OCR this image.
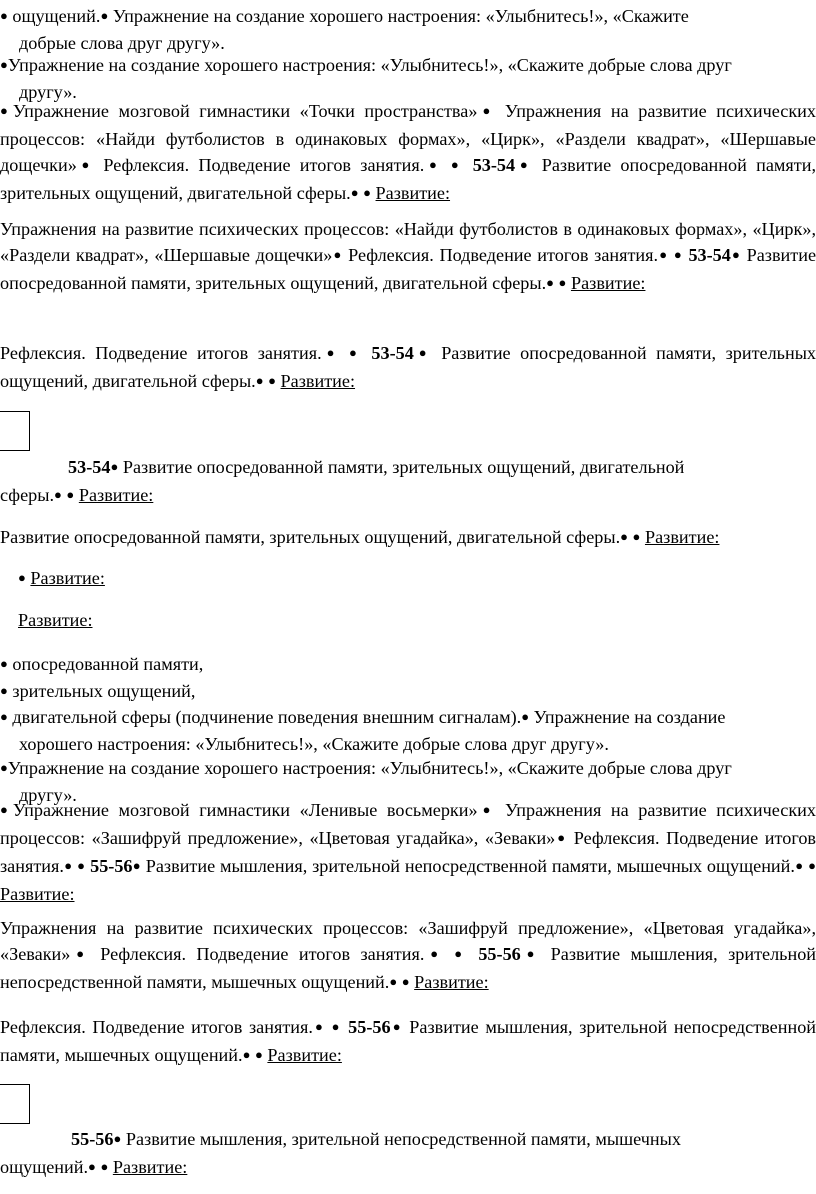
● ощущений.● Упражнение на создание хорошего настроения: «Улыбнитесь!», «Скажите
добрые слова друг другу».
●Упражнение на создание хорошего настроения: «Улыбнитесь!», «Скажите добрые слова друг
другу».
●Упражнение мозговой гимнастики «Точки пространства»● Упражнения на развитие психических процессов: «Найди футболистов в одинаковых формах», «Цирк», «Раздели квадрат», «Шершавые дощечки»● Рефлексия. Подведение итогов занятия.● ● 53-54● Развитие опосредованной памяти, зрительных ощущений, двигательной сферы.● ● Развитие:
Упражнения на развитие психических процессов: «Найди футболистов в одинаковых формах», «Цирк», «Раздели квадрат», «Шершавые дощечки»● Рефлексия. Подведение итогов занятия.● ● 53-54● Развитие опосредованной памяти, зрительных ощущений, двигательной сферы.● ● Развитие:
Рефлексия. Подведение итогов занятия.● ● 53-54● Развитие опосредованной памяти, зрительных ощущений, двигательной сферы.● ● Развитие:
53-54● Развитие опосредованной памяти, зрительных ощущений, двигательной
сферы.● ● Развитие:
Развитие опосредованной памяти, зрительных ощущений, двигательной сферы.● ● Развитие:
● Развитие:
Развитие:
● опосредованной памяти,
● зрительных ощущений,
● двигательной сферы (подчинение поведения внешним сигналам).● Упражнение на создание
хорошего настроения: «Улыбнитесь!», «Скажите добрые слова друг другу».
●Упражнение на создание хорошего настроения: «Улыбнитесь!», «Скажите добрые слова друг
другу».
●Упражнение мозговой гимнастики «Ленивые восьмерки»● Упражнения на развитие психических процессов: «Зашифруй предложение», «Цветовая угадайка», «Зеваки»● Рефлексия. Подведение итогов занятия.● ● 55-56● Развитие мышления, зрительной непосредственной памяти, мышечных ощущений.● ● Развитие:
Упражнения на развитие психических процессов: «Зашифруй предложение», «Цветовая угадайка», «Зеваки»● Рефлексия. Подведение итогов занятия.● ● 55-56● Развитие мышления, зрительной непосредственной памяти, мышечных ощущений.● ● Развитие:
Рефлексия. Подведение итогов занятия.● ● 55-56● Развитие мышления, зрительной непосредственной памяти, мышечных ощущений.● ● Развитие:
55-56● Развитие мышления, зрительной непосредственной памяти, мышечных
ощущений.● ● Развитие:
